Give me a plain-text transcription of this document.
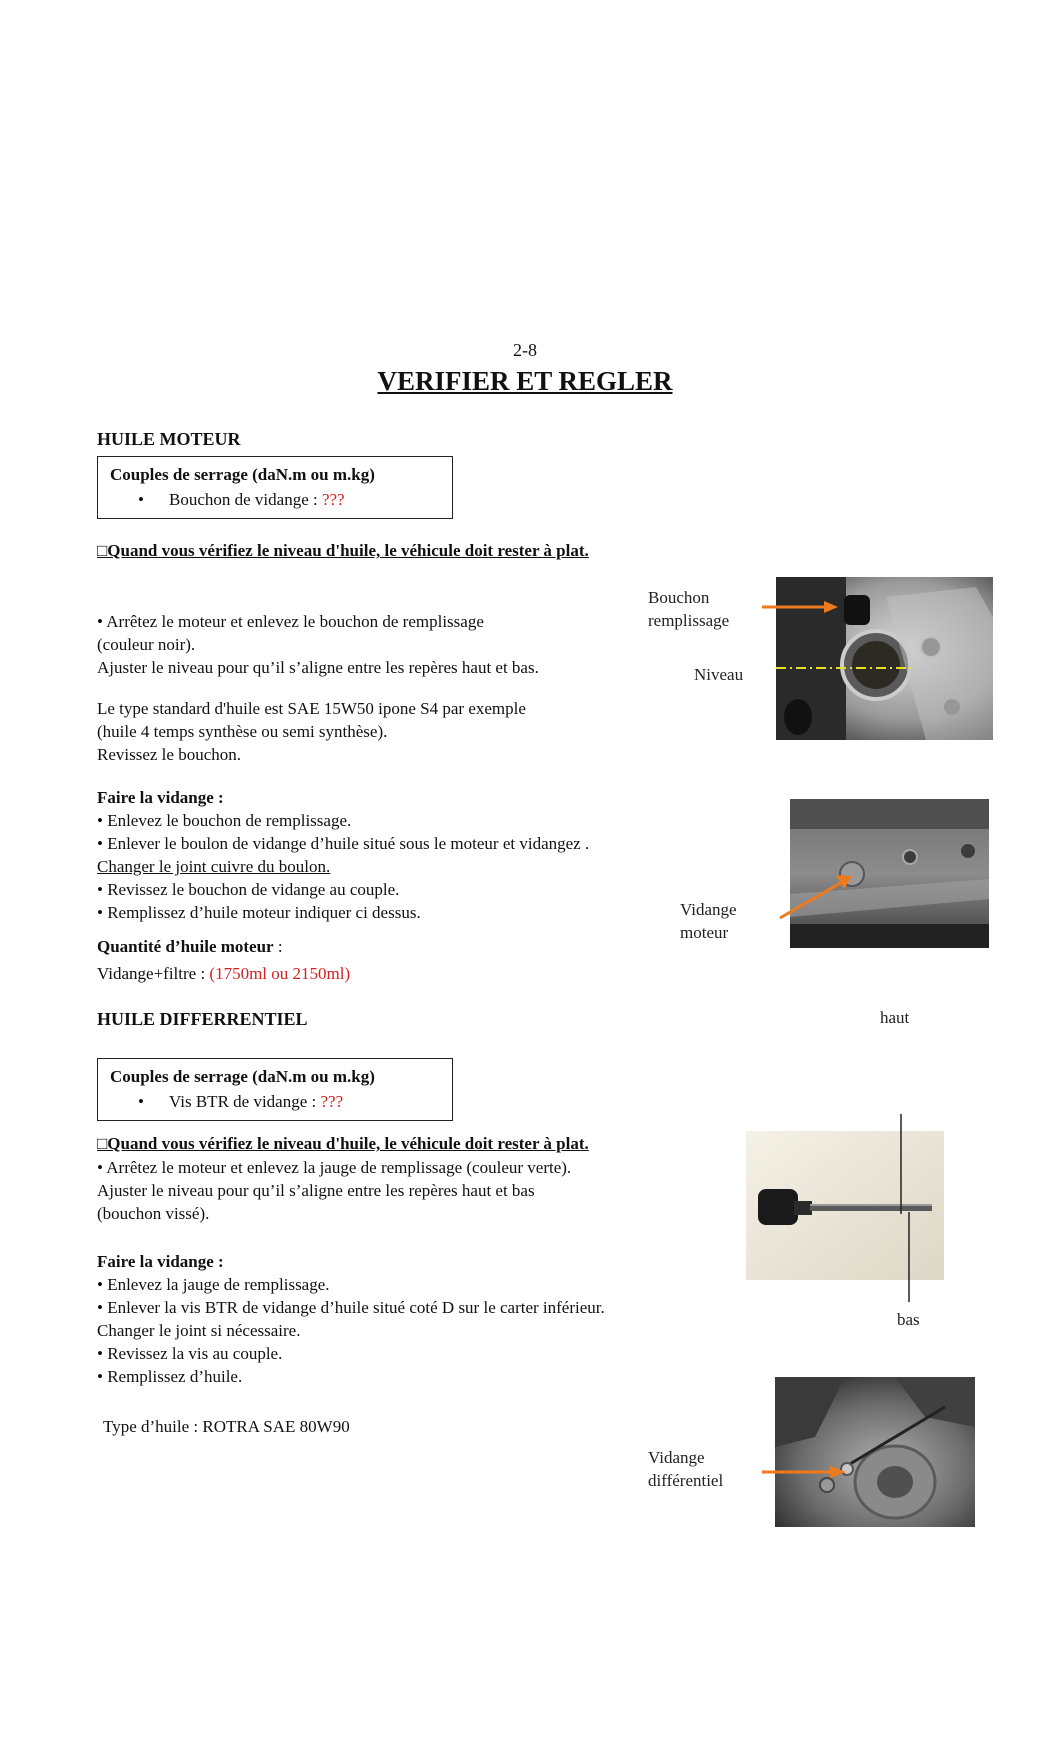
2-8
VERIFIER ET REGLER
HUILE MOTEUR
Couples de serrage (daN.m ou m.kg)
• Bouchon de vidange : ???
□Quand vous vérifiez le niveau d'huile, le véhicule doit rester à plat.
• Arrêtez le moteur et enlevez le bouchon de remplissage
(couleur noir).
Ajuster le niveau pour qu’il s’aligne entre les repères haut et bas.
Le type standard d'huile est SAE 15W50 ipone S4 par exemple
(huile 4 temps synthèse ou semi synthèse).
Revissez le bouchon.
Faire la vidange :
• Enlevez le bouchon de remplissage.
• Enlever le boulon de vidange d’huile situé sous le moteur et vidangez .
Changer le joint cuivre du boulon.
• Revissez le bouchon de vidange au couple.
• Remplissez d’huile moteur indiquer ci dessus.
Quantité d’huile moteur :
Vidange+filtre : (1750ml ou 2150ml)
Bouchon remplissage
Niveau
Vidange moteur
HUILE DIFFERRENTIEL	haut
Couples de serrage (daN.m ou m.kg)
• Vis BTR de vidange : ???
□Quand vous vérifiez le niveau d'huile, le véhicule doit rester à plat.
• Arrêtez le moteur et enlevez la jauge de remplissage (couleur verte).
Ajuster le niveau pour qu’il s’aligne entre les repères haut et bas
(bouchon vissé).
Faire la vidange :
• Enlevez la jauge de remplissage.
• Enlever la vis BTR de vidange d’huile situé coté D sur le carter inférieur.
Changer le joint si nécessaire.
• Revissez la vis au couple.
• Remplissez d’huile.
Type d’huile : ROTRA SAE 80W90
bas
Vidange différentiel
